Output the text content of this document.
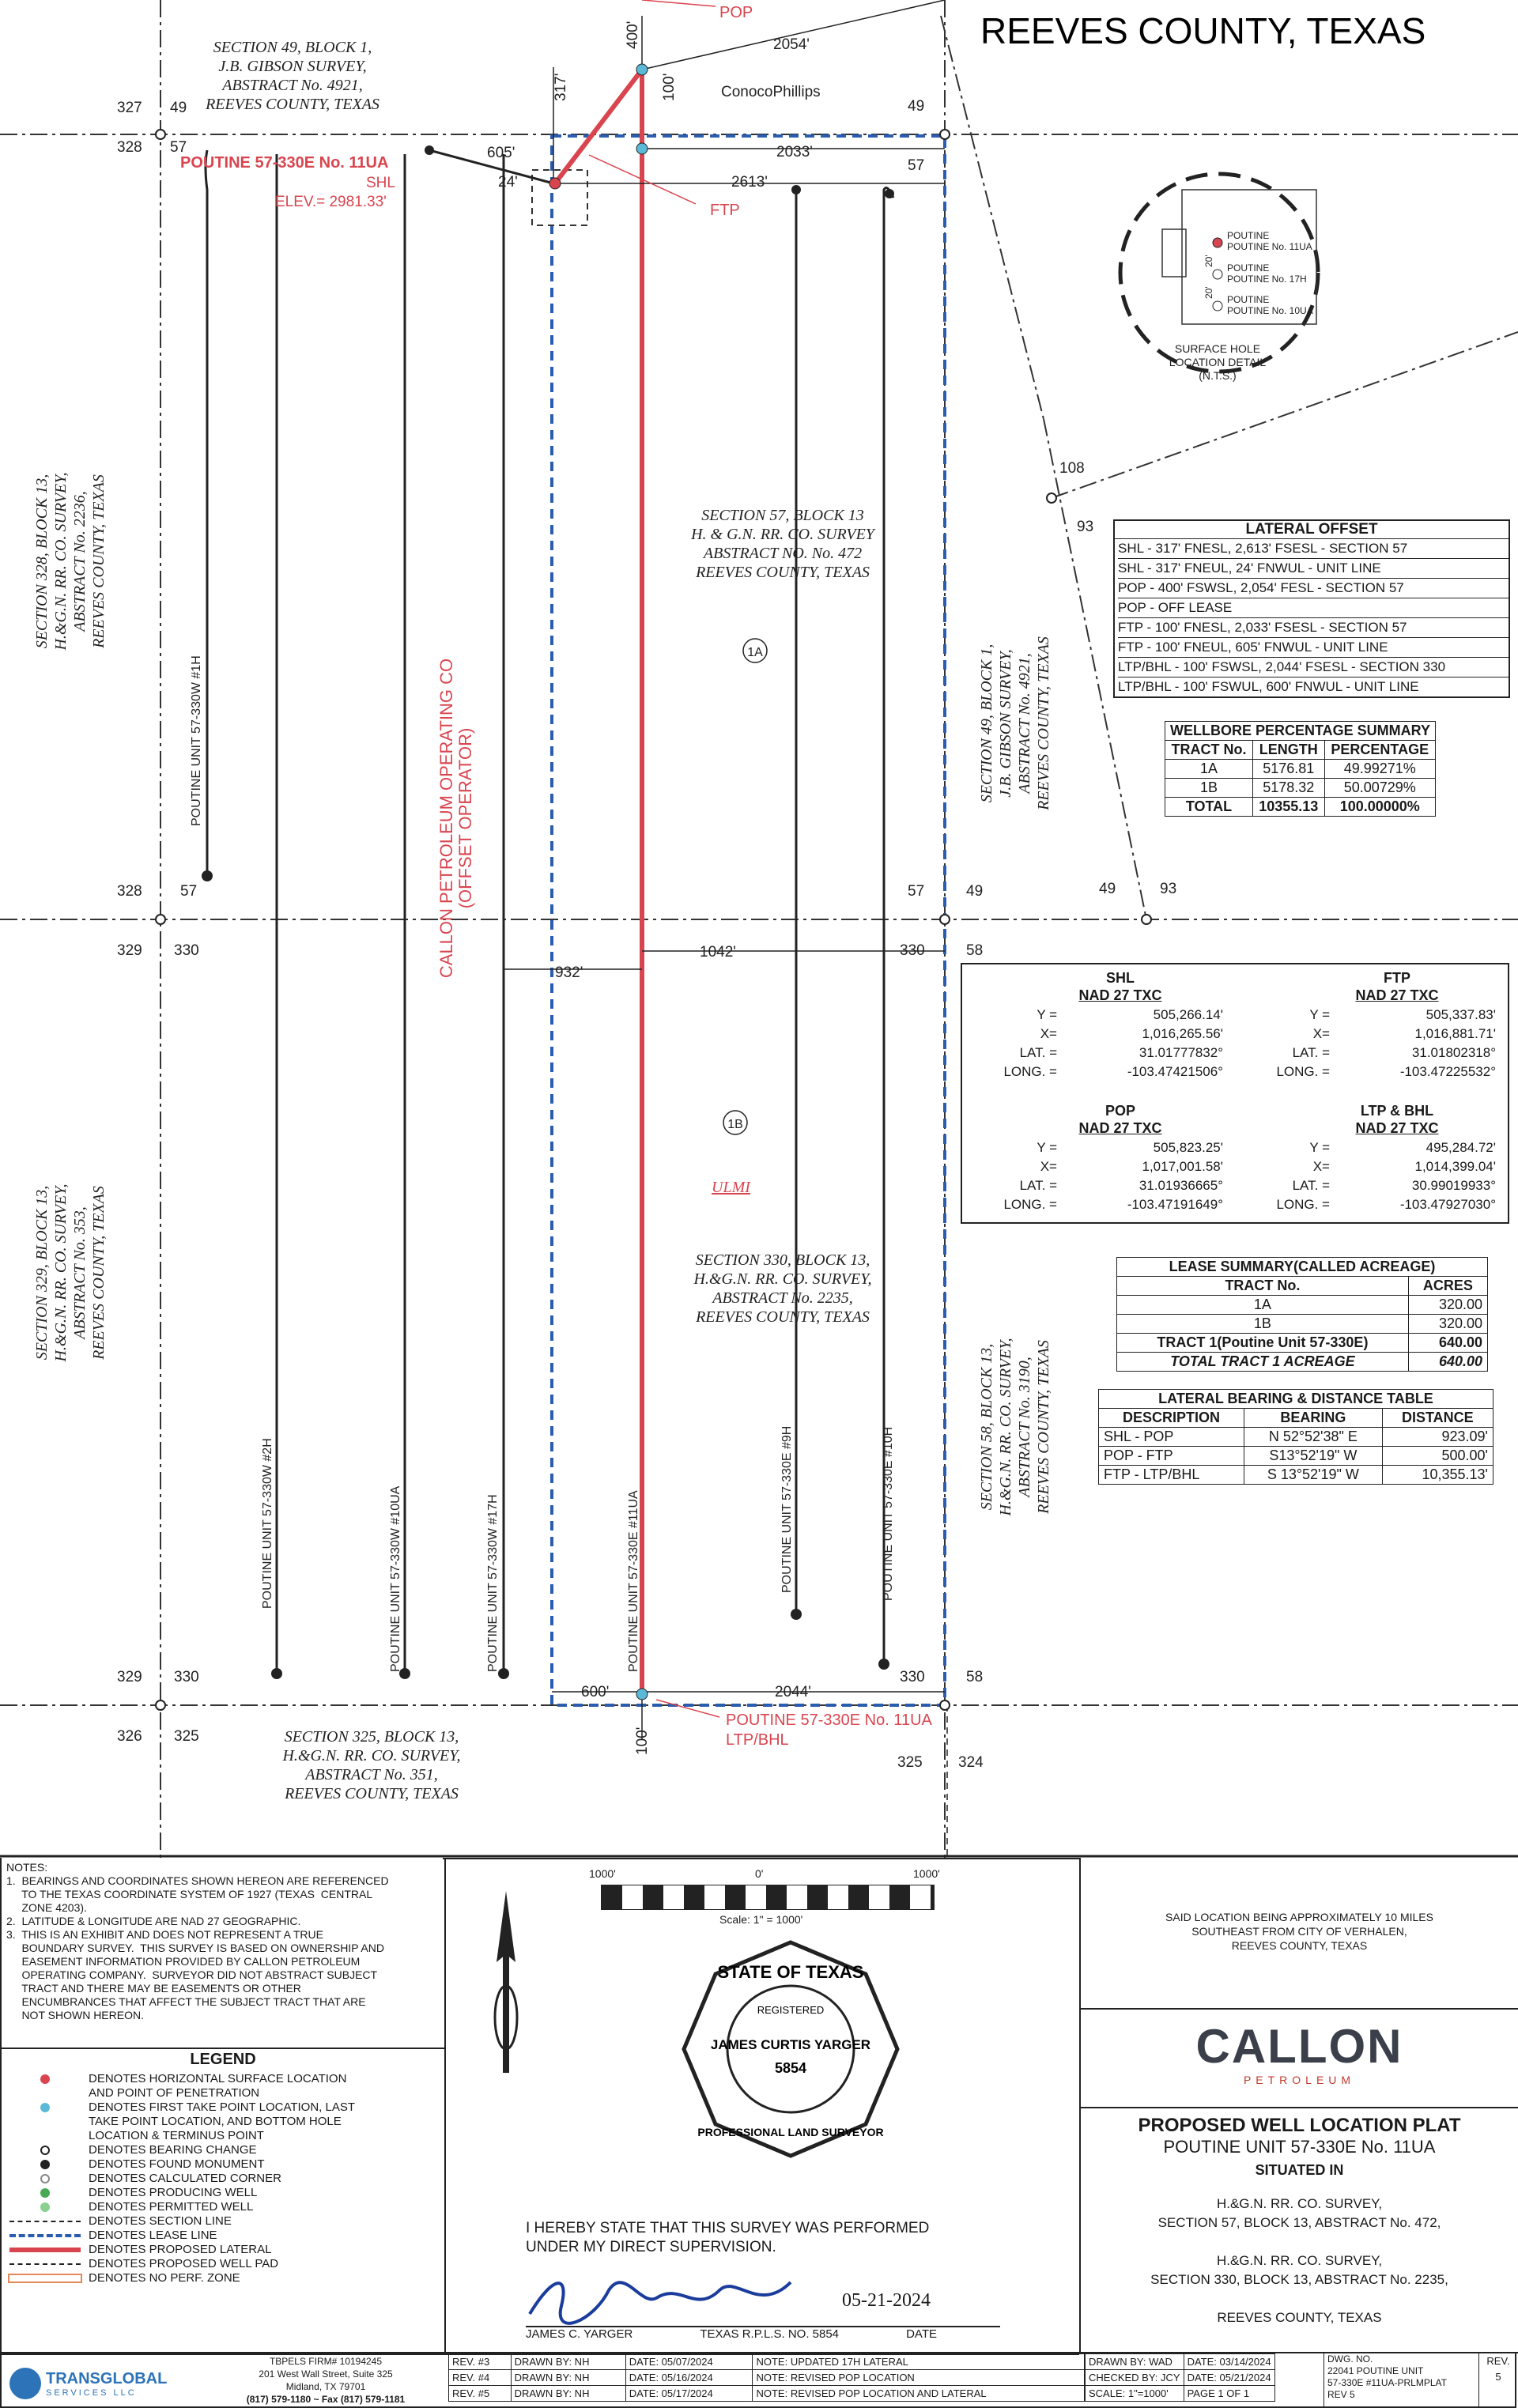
REEVES COUNTY, TEXAS
SECTION 49, BLOCK 1,
J.B. GIBSON SURVEY,
ABSTRACT No. 4921,
REEVES COUNTY, TEXAS
SECTION 57, BLOCK 13
H. & G.N. RR. CO. SURVEY
ABSTRACT NO. No. 472
REEVES COUNTY, TEXAS
SECTION 330, BLOCK 13,
H.&G.N. RR. CO. SURVEY,
ABSTRACT No. 2235,
REEVES COUNTY, TEXAS
SECTION 325, BLOCK 13,
H.&G.N. RR. CO. SURVEY,
ABSTRACT No. 351,
REEVES COUNTY, TEXAS
SECTION 328, BLOCK 13, H.&G.N. RR. CO. SURVEY, ABSTRACT No. 2236, REEVES COUNTY, TEXAS
SECTION 329, BLOCK 13, H.&G.N. RR. CO. SURVEY, ABSTRACT No. 353, REEVES COUNTY, TEXAS
SECTION 49, BLOCK 1, J.B. GIBSON SURVEY, ABSTRACT No. 4921, REEVES COUNTY, TEXAS
SECTION 58, BLOCK 13, H.&G.N. RR. CO. SURVEY, ABSTRACT No. 3190, REEVES COUNTY, TEXAS
327 49
328 57
57
49
108
93
328	57	57	49	49	93
329 330	330	58
329 330	330	58
326 325
325 324
POP
FTP
ConocoPhillips
POUTINE 57-330E No. 11UA
SHL
ELEV.= 2981.33'
POUTINE 57-330E No. 11UA
LTP/BHL
1A
1B
ULMI
CALLON PETROLEUM OPERATING CO (OFFSET OPERATOR)
2054'
400'
317'	100'
605'	2033'
24'	2613'
932'
1042'
600'	2044'
100'
POUTINE UNIT 57-330W #1H
POUTINE UNIT 57-330W #2H	POUTINE UNIT 57-330W #10UA	POUTINE UNIT 57-330W #17H	POUTINE UNIT 57-330E #11UA	POUTINE UNIT 57-330E #9H	POUTINE UNIT 57-330E #10H
POUTINE
POUTINE No. 11UA
POUTINE
POUTINE No. 17H
POUTINE
POUTINE No. 10UA
20'
20'
SURFACE HOLE
LOCATION DETAIL
(N.T.S.)
LATERAL OFFSET
SHL - 317' FNESL, 2,613' FSESL - SECTION 57
SHL - 317' FNEUL, 24' FNWUL - UNIT LINE
POP - 400' FSWSL, 2,054' FESL - SECTION 57
POP - OFF LEASE
FTP - 100' FNESL, 2,033' FSESL - SECTION 57
FTP - 100' FNEUL, 605' FNWUL - UNIT LINE
LTP/BHL - 100' FSWSL, 2,044' FSESL - SECTION 330
LTP/BHL - 100' FSWUL, 600' FNWUL - UNIT LINE
WELLBORE PERCENTAGE SUMMARY		
TRACT No.	LENGTH	PERCENTAGE
1A	5176.81	49.99271%
1B	5178.32	50.00729%
TOTAL	10355.13	100.00000%
SHL
NAD 27 TXC
Y =	505,266.14'
X=	1,016,265.56'
LAT. =	31.01777832°
LONG. =	-103.47421506°
FTP
NAD 27 TXC
Y =	505,337.83'
X=	1,016,881.71'
LAT. =	31.01802318°
LONG. =	-103.47225532°
POP
NAD 27 TXC
Y =	505,823.25'
X=	1,017,001.58'
LAT. =	31.01936665°
LONG. =	-103.47191649°
LTP & BHL
NAD 27 TXC
Y =	495,284.72'
X=	1,014,399.04'
LAT. =	30.99019933°
LONG. =	-103.47927030°
LEASE SUMMARY(CALLED ACREAGE)	
TRACT No.	ACRES
1A	320.00
1B	320.00
TRACT 1(Poutine Unit 57-330E)	640.00
TOTAL TRACT 1 ACREAGE	640.00
LATERAL BEARING & DISTANCE TABLE		
DESCRIPTION	BEARING	DISTANCE
SHL - POP	N 52°52'38" E	923.09'
POP - FTP	S13°52'19" W	500.00'
FTP - LTP/BHL	S 13°52'19" W	10,355.13'
NOTES:
1.  BEARINGS AND COORDINATES SHOWN HEREON ARE REFERENCED
TO THE TEXAS COORDINATE SYSTEM OF 1927 (TEXAS  CENTRAL
ZONE 4203).
2.  LATITUDE & LONGITUDE ARE NAD 27 GEOGRAPHIC.
3.  THIS IS AN EXHIBIT AND DOES NOT REPRESENT A TRUE
BOUNDARY SURVEY.  THIS SURVEY IS BASED ON OWNERSHIP AND
EASEMENT INFORMATION PROVIDED BY CALLON PETROLEUM
OPERATING COMPANY.  SURVEYOR DID NOT ABSTRACT SUBJECT
TRACT AND THERE MAY BE EASEMENTS OR OTHER
ENCUMBRANCES THAT AFFECT THE SUBJECT TRACT THAT ARE
NOT SHOWN HEREON.
LEGEND
DENOTES HORIZONTAL SURFACE LOCATION
AND POINT OF PENETRATION
DENOTES FIRST TAKE POINT LOCATION, LAST
TAKE POINT LOCATION, AND BOTTOM HOLE
LOCATION & TERMINUS POINT
DENOTES BEARING CHANGE
DENOTES FOUND MONUMENT
DENOTES CALCULATED CORNER
DENOTES PRODUCING WELL
DENOTES PERMITTED WELL
DENOTES SECTION LINE
DENOTES LEASE LINE
DENOTES PROPOSED LATERAL
DENOTES PROPOSED WELL PAD
DENOTES NO PERF. ZONE
1000'	0'	1000'
Scale: 1" = 1000'
STATE OF TEXAS
REGISTERED
JAMES CURTIS YARGER
5854
PROFESSIONAL LAND SURVEYOR
I HEREBY STATE THAT THIS SURVEY WAS PERFORMED
UNDER MY DIRECT SUPERVISION.
05-21-2024
JAMES C. YARGER	TEXAS R.P.L.S. NO. 5854	DATE
SAID LOCATION BEING APPROXIMATELY 10 MILES
SOUTHEAST FROM CITY OF VERHALEN,
REEVES COUNTY, TEXAS
CALLON
PETROLEUM
PROPOSED WELL LOCATION PLAT
POUTINE UNIT 57-330E No. 11UA
SITUATED IN
H.&G.N. RR. CO. SURVEY,
SECTION 57, BLOCK 13, ABSTRACT No. 472,
H.&G.N. RR. CO. SURVEY,
SECTION 330, BLOCK 13, ABSTRACT No. 2235,
REEVES COUNTY, TEXAS
TRANSGLOBAL
SERVICES LLC
TBPELS FIRM# 10194245
201 West Wall Street, Suite 325
Midland, TX 79701
(817) 579-1180 ~ Fax (817) 579-1181
REV. #3	DRAWN BY: NH	DATE: 05/07/2024	NOTE: UPDATED 17H LATERAL
REV. #4	DRAWN BY: NH	DATE: 05/16/2024	NOTE: REVISED POP LOCATION
REV. #5	DRAWN BY: NH	DATE: 05/17/2024	NOTE: REVISED POP LOCATION AND LATERAL
DRAWN BY: WAD	DATE: 03/14/2024
CHECKED BY: JCY	DATE: 05/21/2024
SCALE: 1"=1000'	PAGE 1 OF 1
DWG. NO.
22041 POUTINE UNIT
57-330E #11UA-PRLMPLAT
REV 5
REV.
5
